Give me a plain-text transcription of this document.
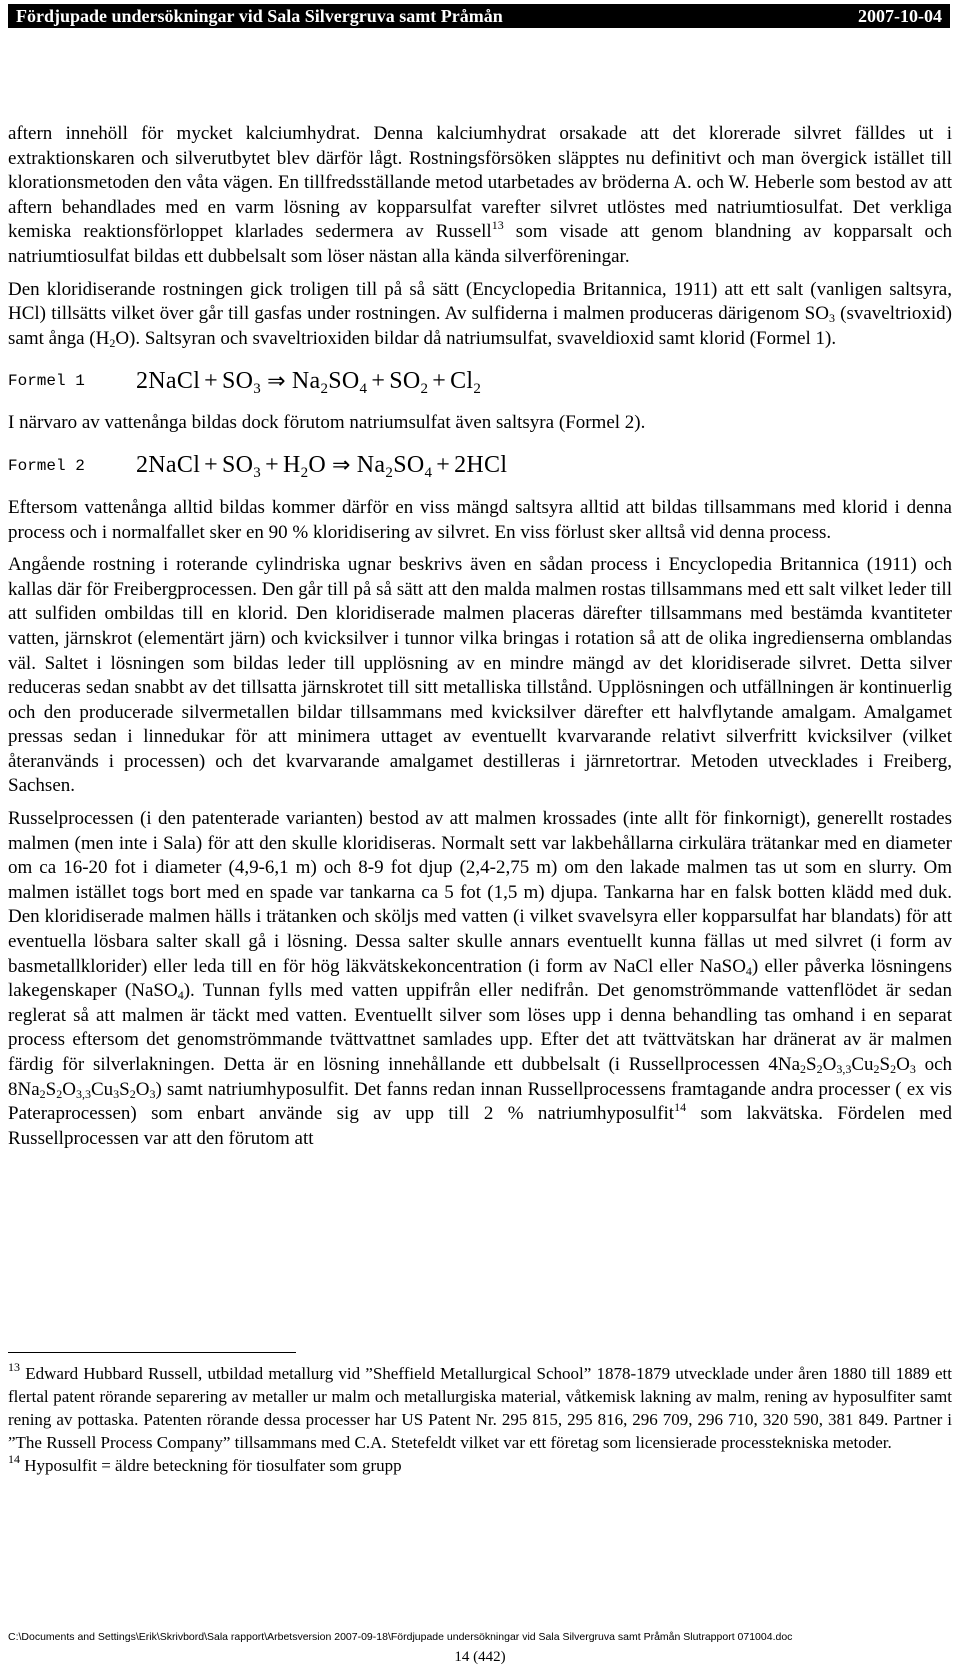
Fördjupade undersökningar vid Sala Silvergruva samt Pråmån	2007-10-04

aftern innehöll för mycket kalciumhydrat. Denna kalciumhydrat orsakade att det klorerade silvret fälldes ut i extraktionskaren och silverutbytet blev därför lågt. Rostningsförsöken släpptes nu definitivt och man övergick istället till klorationsmetoden den våta vägen. En tillfredsställande metod utarbetades av bröderna A. och W. Heberle som bestod av att aftern behandlades med en varm lösning av kopparsulfat varefter silvret utlöstes med natriumtiosulfat. Det verkliga kemiska reaktionsförloppet klarlades sedermera av Russell$^{13}$ som visade att genom blandning av kopparsalt och natriumtiosulfat bildas ett dubbelsalt som löser nästan alla kända silverföreningar.

Den kloridiserande rostningen gick troligen till på så sätt (Encyclopedia Britannica, 1911) att ett salt (vanligen saltsyra, HCl) tillsätts vilket över går till gasfas under rostningen. Av sulfiderna i malmen produceras därigenom $SO_3$ (svaveltrioxid) samt ånga $(H_2O)$. Saltsyran och svaveltrioxiden bildar då natriumsulfat, svaveldioxid samt klorid (Formel 1).

Formel 1	2NaCl + $SO_3$ ⇒ $Na_2SO_4 + SO_2 + Cl_2$

I närvaro av vattenånga bildas dock förutom natriumsulfat även saltsyra (Formel 2).

Formel 2	2NaCl + $SO_3 + H_2O$ ⇒ $Na_2SO_4 + 2HCl$

Eftersom vattenånga alltid bildas kommer därför en viss mängd saltsyra alltid att bildas tillsammans med klorid i denna process och i normalfallet sker en 90 % kloridisering av silvret. En viss förlust sker alltså vid denna process.

Angående rostning i roterande cylindriska ugnar beskrivs även en sådan process i Encyclopedia Britannica (1911) och kallas där för Freibergprocessen. Den går till på så sätt att den malda malmen rostas tillsammans med ett salt vilket leder till att sulfiden ombildas till en klorid. Den kloridiserade malmen placeras därefter tillsammans med bestämda kvantiteter vatten, järnskrot (elementärt järn) och kvicksilver i tunnor vilka bringas i rotation så att de olika ingredienserna omblandas väl. Saltet i lösningen som bildas leder till upplösning av en mindre mängd av det kloridiserade silvret. Detta silver reduceras sedan snabbt av det tillsatta järnskrotet till sitt metalliska tillstånd. Upplösningen och utfällningen är kontinuerlig och den producerade silvermetallen bildar tillsammans med kvicksilver därefter ett halvflytande amalgam. Amalgamet pressas sedan i linnedukar för att minimera uttaget av eventuellt kvarvarande relativt silverfritt kvicksilver (vilket återanvänds i processen) och det kvarvarande amalgamet destilleras i järnretortrar. Metoden utvecklades i Freiberg, Sachsen.

Russelprocessen (i den patenterade varianten) bestod av att malmen krossades (inte allt för finkornigt), generellt rostades malmen (men inte i Sala) för att den skulle kloridiseras. Normalt sett var lakbehållarna cirkulära trätankar med en diameter om ca 16-20 fot i diameter (4,9-6,1 m) och 8-9 fot djup (2,4-2,75 m) om den lakade malmen tas ut som en slurry. Om malmen istället togs bort med en spade var tankarna ca 5 fot (1,5 m) djupa. Tankarna har en falsk botten klädd med duk. Den kloridiserade malmen hälls i trätanken och sköljs med vatten (i vilket svavelsyra eller kopparsulfat har blandats) för att eventuella lösbara salter skall gå i lösning. Dessa salter skulle annars eventuellt kunna fällas ut med silvret (i form av basmetallklorider) eller leda till en för hög läkvätskekoncentration (i form av NaCl eller NaSO$_4$) eller påverka lösningens lakegenskaper (NaSO$_4$). Tunnan fylls med vatten uppifrån eller nedifrån. Det genomströmmande vattenflödet är sedan reglerat så att malmen är täckt med vatten. Eventuellt silver som löses upp i denna behandling tas omhand i en separat process eftersom det genomströmmande tvättvattnet samlades upp. Efter det att tvättvätskan har dränerat av är malmen färdig för silverlakningen. Detta är en lösning innehållande ett dubbelsalt (i Russellprocessen $4Na_2S_2O_{3,3}Cu_2S_2O_3$ och $8Na_2S_2O_{3,3}Cu_3S_2O_3$) samt natriumhyposulfit. Det fanns redan innan Russellprocessens framtagande andra processer ( ex vis Pateraprocessen) som enbart använde sig av upp till 2 % natriumhyposulfit$^{14}$ som lakvätska. Fördelen med Russellprocessen var att den förutom att

$^{13}$ Edward Hubbard Russell, utbildad metallurg vid ”Sheffield Metallurgical School” 1878-1879 utvecklade under åren 1880 till 1889 ett flertal patent rörande separering av metaller ur malm och metallurgiska material, våtkemisk lakning av malm, rening av hyposulfiter samt rening av pottaska. Patenten rörande dessa processer har US Patent Nr. 295 815, 295 816, 296 709, 296 710, 320 590, 381 849. Partner i ”The Russell Process Company” tillsammans med C.A. Stetefeldt vilket var ett företag som licensierade processtekniska metoder.

$^{14}$ Hyposulfit = äldre beteckning för tiosulfater som grupp

C:\Documents and Settings\Erik\Skrivbord\Sala rapport\Arbetsversion 2007-09-18\Fördjupade undersökningar vid Sala Silvergruva samt Pråmån Slutrapport 071004.doc
14 (442)
